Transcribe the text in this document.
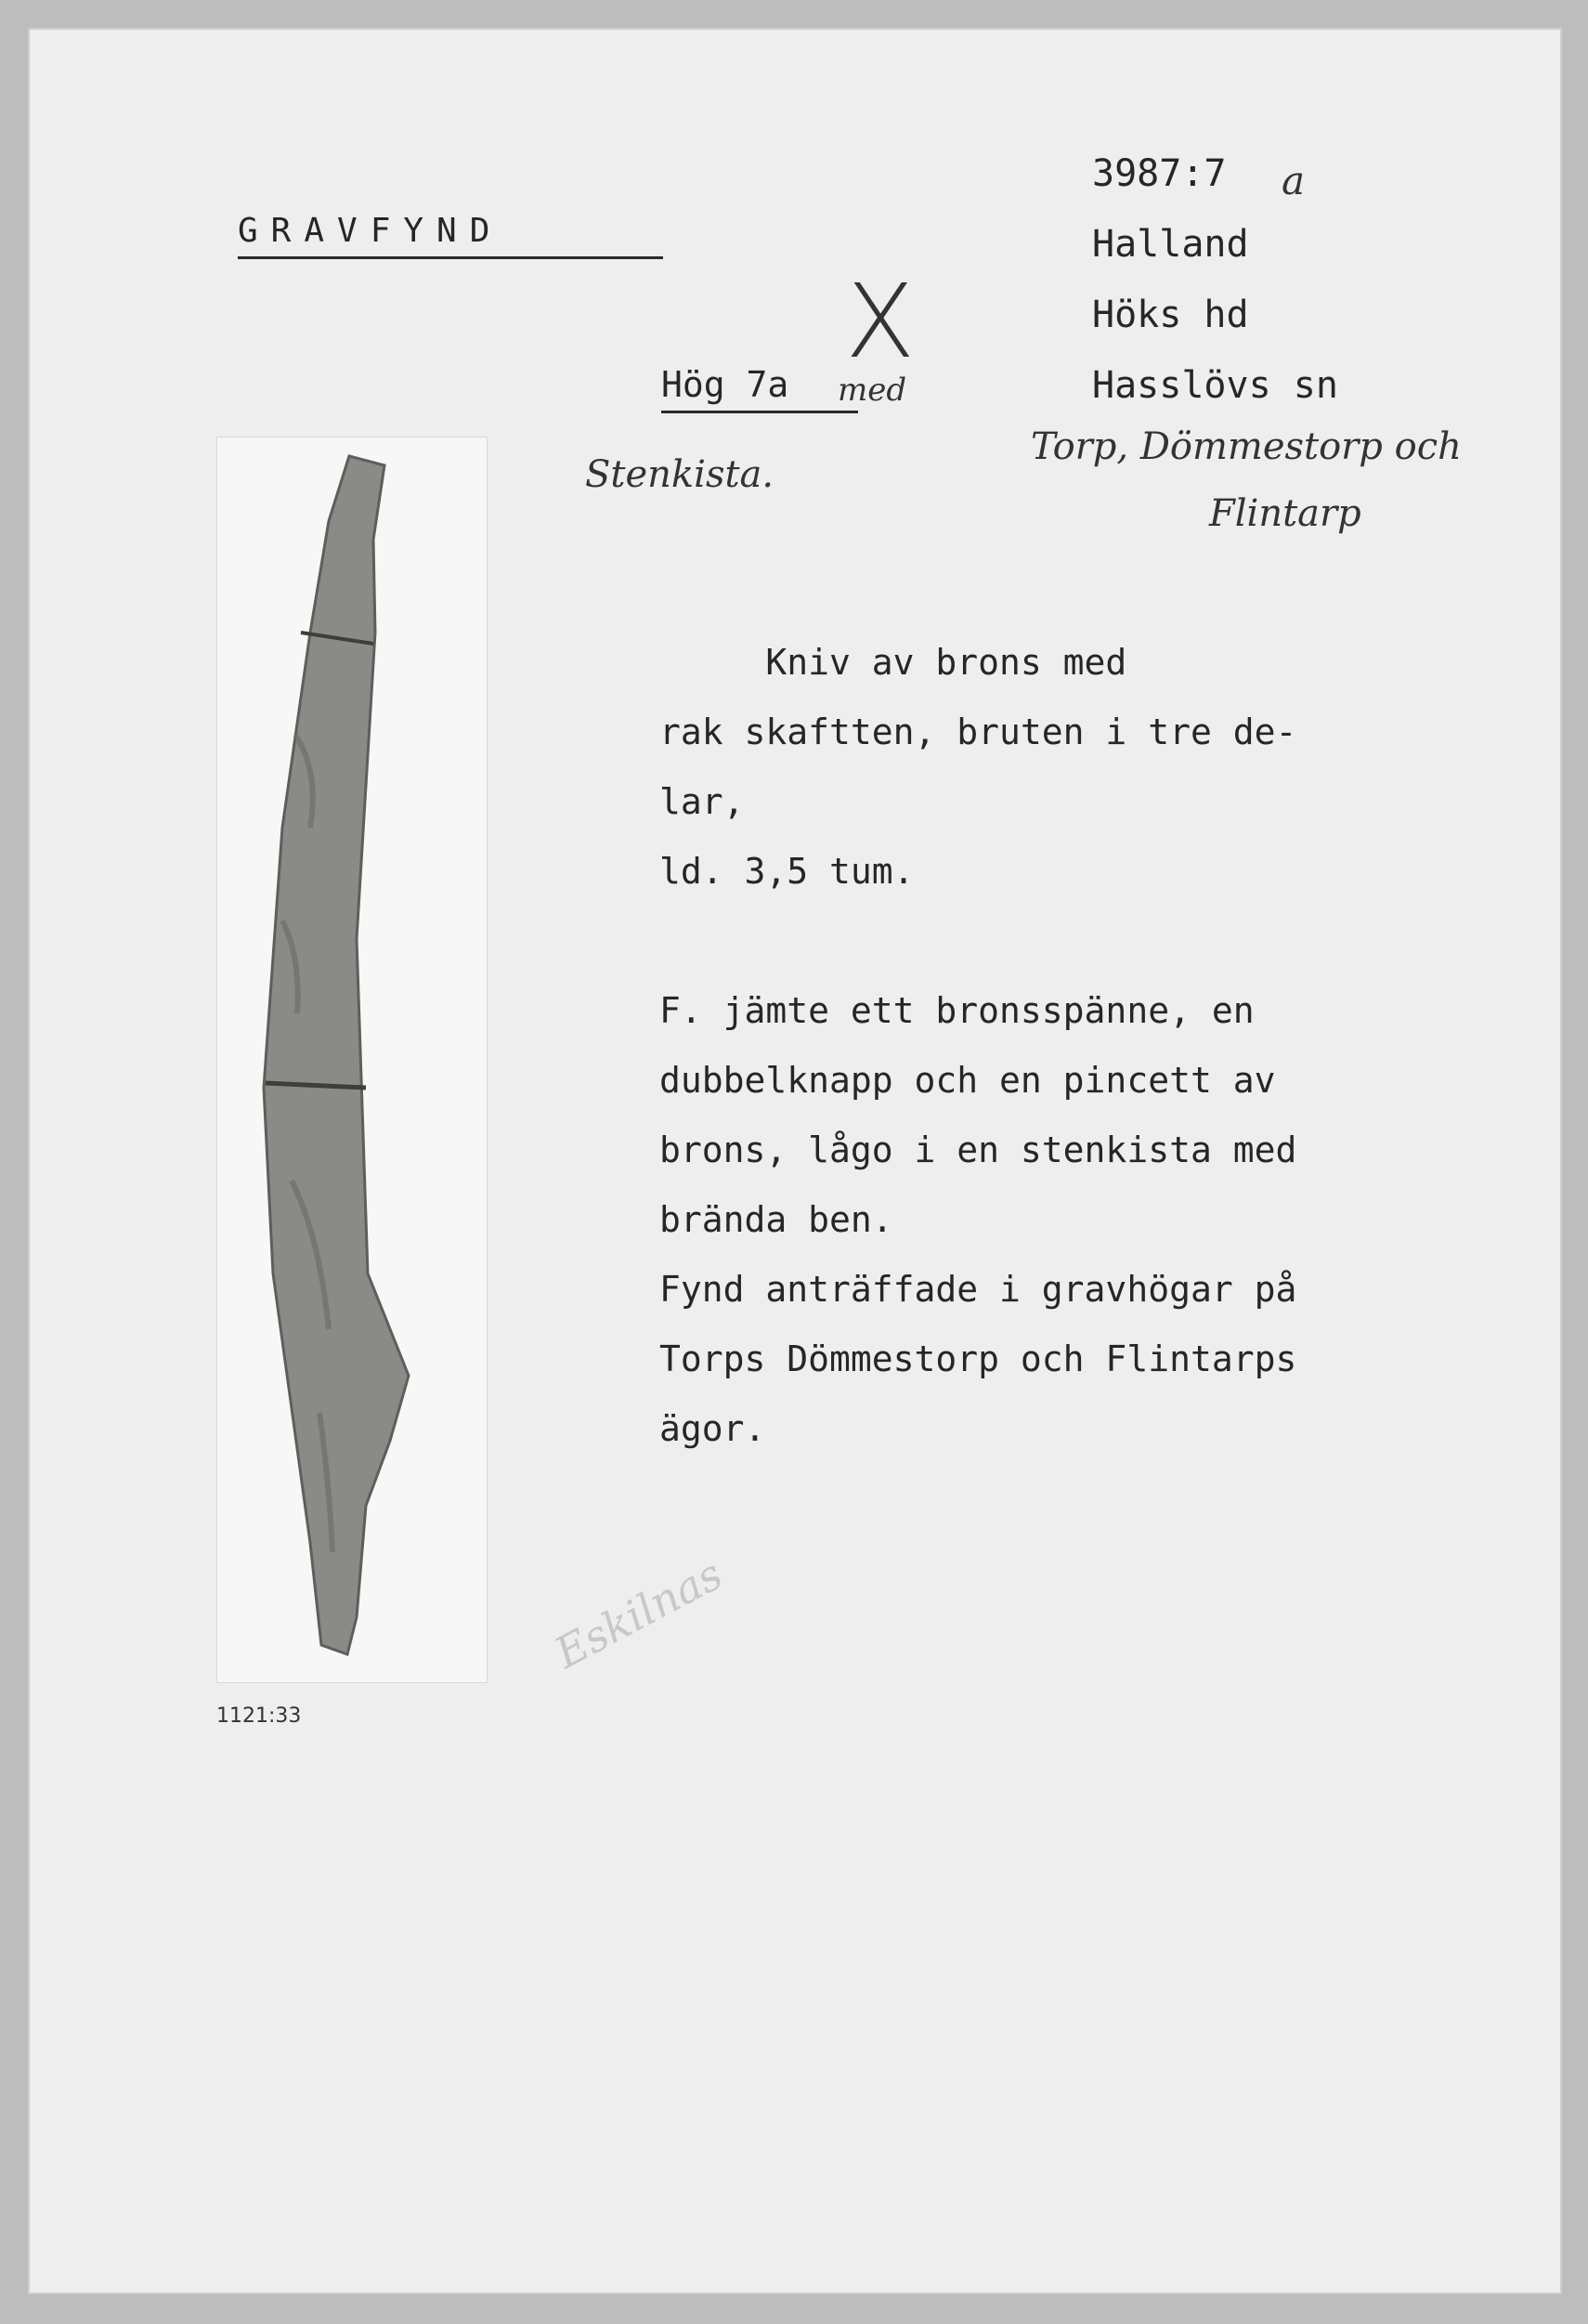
GRAVFYND
3987:7 a
Halland
Höks hd
Hasslövs sn
Torp, Dömmestorp och
Flintarp
X
Hög 7a med
Stenkista.
Kniv av brons med
rak skaftten, bruten i tre de-
lar,
ld. 3,5 tum.

F. jämte ett bronsspänne, en
dubbelknapp och en pincett av
brons, lågo i en stenkista med
brända ben.
Fynd anträffade i gravhögar på
Torps Dömmestorp och Flintarps
ägor.
1121:33
Eskilnas
